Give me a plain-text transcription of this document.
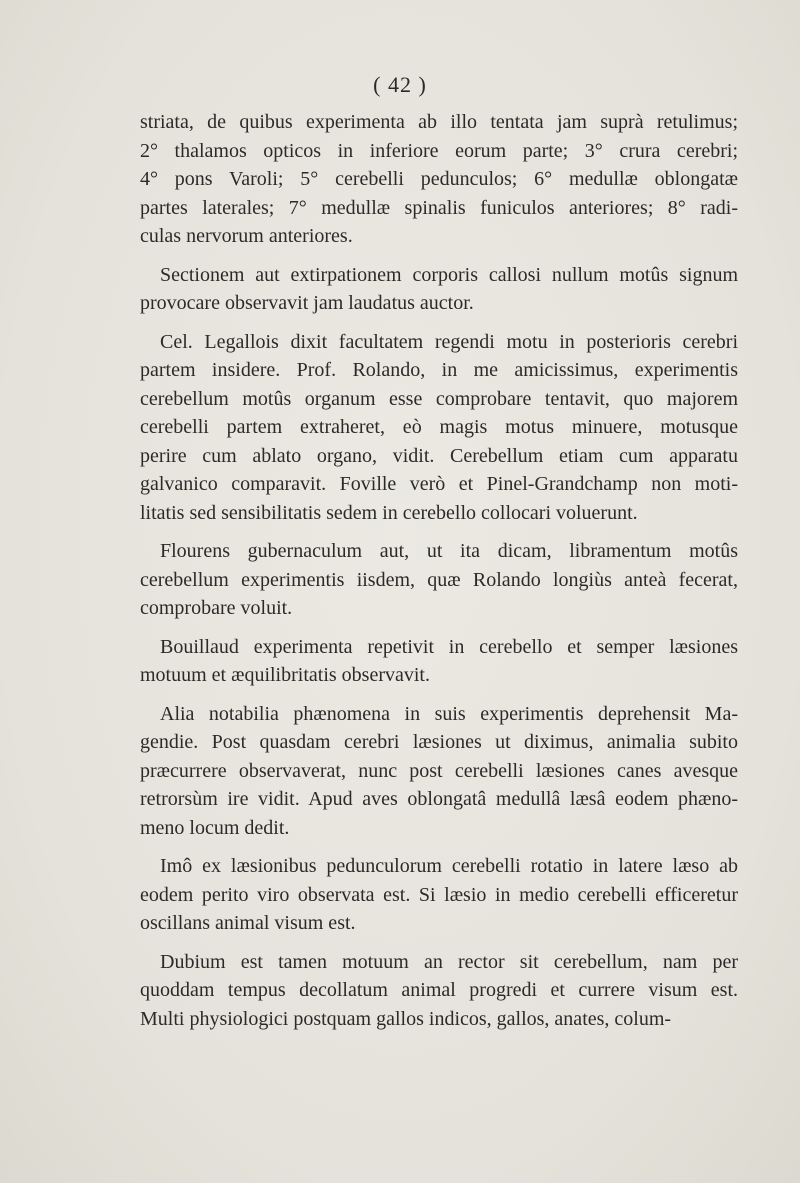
( 42 )
striata, de quibus experimenta ab illo tentata jam suprà retulimus;
2° thalamos opticos in inferiore eorum parte; 3° crura cerebri;
4° pons Varoli; 5° cerebelli pedunculos; 6° medullæ oblongatæ
partes laterales; 7° medullæ spinalis funiculos anteriores; 8° radi-
culas nervorum anteriores.
Sectionem aut extirpationem corporis callosi nullum motûs signum
provocare observavit jam laudatus auctor.
Cel. Legallois dixit facultatem regendi motu in posterioris cerebri
partem insidere. Prof. Rolando, in me amicissimus, experimentis
cerebellum motûs organum esse comprobare tentavit, quo majorem
cerebelli partem extraheret, eò magis motus minuere, motusque
perire cum ablato organo, vidit. Cerebellum etiam cum apparatu
galvanico comparavit. Foville verò et Pinel-Grandchamp non moti-
litatis sed sensibilitatis sedem in cerebello collocari voluerunt.
Flourens gubernaculum aut, ut ita dicam, libramentum motûs
cerebellum experimentis iisdem, quæ Rolando longiùs anteà fecerat,
comprobare voluit.
Bouillaud experimenta repetivit in cerebello et semper læsiones
motuum et æquilibritatis observavit.
Alia notabilia phænomena in suis experimentis deprehensit Ma-
gendie. Post quasdam cerebri læsiones ut diximus, animalia subito
præcurrere observaverat, nunc post cerebelli læsiones canes avesque
retrorsùm ire vidit. Apud aves oblongatâ medullâ læsâ eodem phæno-
meno locum dedit.
Imô ex læsionibus pedunculorum cerebelli rotatio in latere læso ab
eodem perito viro observata est. Si læsio in medio cerebelli efficeretur
oscillans animal visum est.
Dubium est tamen motuum an rector sit cerebellum, nam per
quoddam tempus decollatum animal progredi et currere visum est.
Multi physiologici postquam gallos indicos, gallos, anates, colum-
